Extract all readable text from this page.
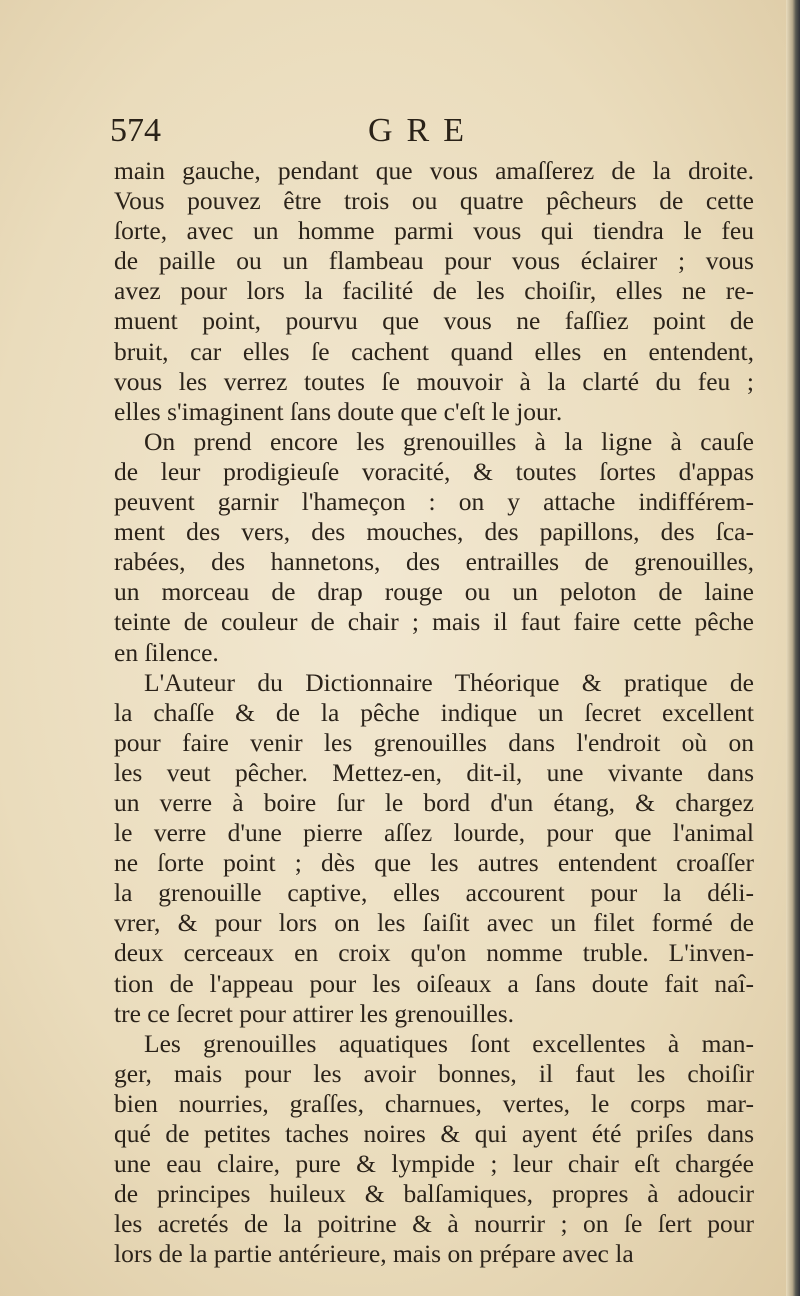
574	GRE
main gauche, pendant que vous amaſſerez de la droite.
Vous pouvez être trois ou quatre pêcheurs de cette
ſorte, avec un homme parmi vous qui tiendra le feu
de paille ou un flambeau pour vous éclairer ; vous
avez pour lors la facilité de les choiſir, elles ne re-
muent point, pourvu que vous ne faſſiez point de
bruit, car elles ſe cachent quand elles en entendent,
vous les verrez toutes ſe mouvoir à la clarté du feu ;
elles s'imaginent ſans doute que c'eſt le jour.
On prend encore les grenouilles à la ligne à cauſe
de leur prodigieuſe voracité, & toutes ſortes d'appas
peuvent garnir l'hameçon : on y attache indifférem-
ment des vers, des mouches, des papillons, des ſca-
rabées, des hannetons, des entrailles de grenouilles,
un morceau de drap rouge ou un peloton de laine
teinte de couleur de chair ; mais il faut faire cette pêche
en ſilence.
L'Auteur du Dictionnaire Théorique & pratique de
la chaſſe & de la pêche indique un ſecret excellent
pour faire venir les grenouilles dans l'endroit où on
les veut pêcher. Mettez-en, dit-il, une vivante dans
un verre à boire ſur le bord d'un étang, & chargez
le verre d'une pierre aſſez lourde, pour que l'animal
ne ſorte point ; dès que les autres entendent croaſſer
la grenouille captive, elles accourent pour la déli-
vrer, & pour lors on les ſaiſit avec un filet formé de
deux cerceaux en croix qu'on nomme truble. L'inven-
tion de l'appeau pour les oiſeaux a ſans doute fait naî-
tre ce ſecret pour attirer les grenouilles.
Les grenouilles aquatiques ſont excellentes à man-
ger, mais pour les avoir bonnes, il faut les choiſir
bien nourries, graſſes, charnues, vertes, le corps mar-
qué de petites taches noires & qui ayent été priſes dans
une eau claire, pure & lympide ; leur chair eſt chargée
de principes huileux & balſamiques, propres à adoucir
les acretés de la poitrine & à nourrir ; on ſe ſert pour
lors de la partie antérieure, mais on prépare avec la
